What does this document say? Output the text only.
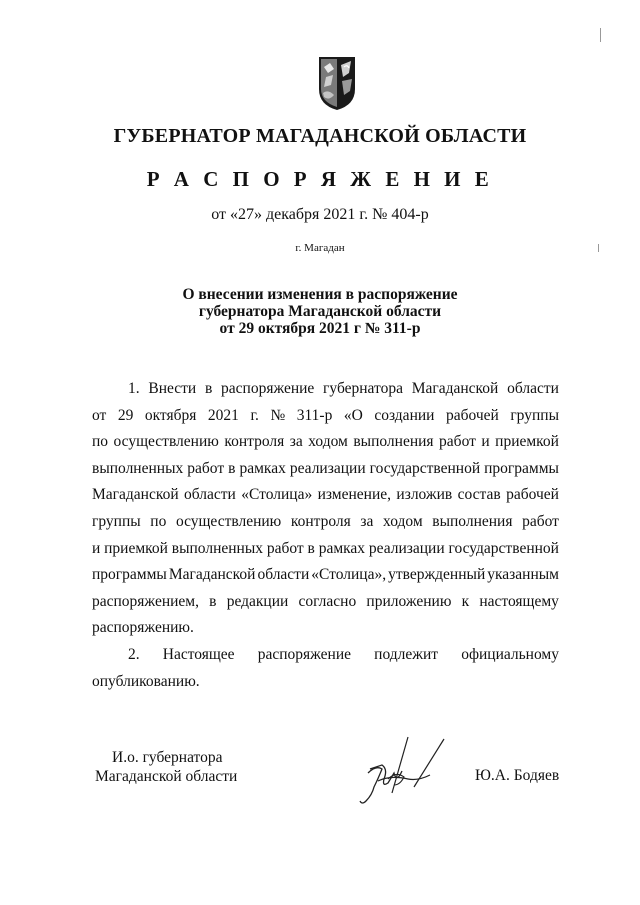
ГУБЕРНАТОР МАГАДАНСКОЙ ОБЛАСТИ
Р А С П О Р Я Ж Е Н И Е
от «27» декабря 2021 г. № 404-р
г. Магадан
О внесении изменения в распоряжение
губернатора Магаданской области
от 29 октября 2021 г № 311-р
1. Внести в распоряжение губернатора Магаданской области
от 29 октября 2021 г. № 311-р «О создании рабочей группы
по осуществлению контроля за ходом выполнения работ и приемкой
выполненных работ в рамках реализации государственной программы
Магаданской области «Столица» изменение, изложив состав рабочей
группы по осуществлению контроля за ходом выполнения работ
и приемкой выполненных работ в рамках реализации государственной
программы Магаданской области «Столица», утвержденный указанным
распоряжением, в редакции согласно приложению к настоящему
распоряжению.
2. Настоящее распоряжение подлежит официальному
опубликованию.
И.о. губернатора
Магаданской области	Ю.А. Бодяев
